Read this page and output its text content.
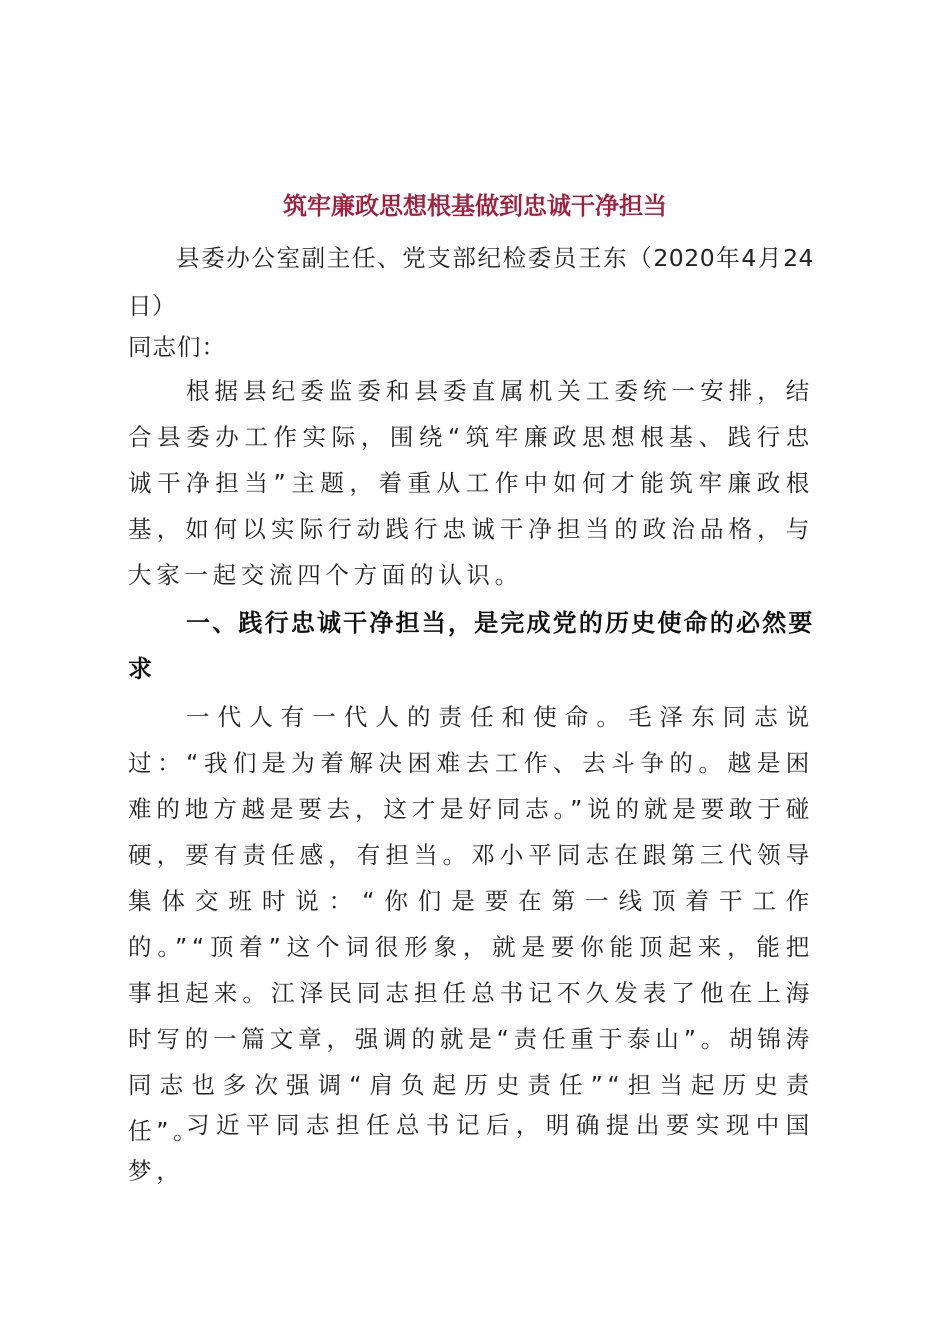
筑牢廉政思想根基做到忠诚干净担当
县委办公室副主任、党支部纪检委员王东（2020年4月24日）
同志们：
根据县纪委监委和县委直属机关工委统一安排，结合县委办工作实际，围绕“筑牢廉政思想根基、践行忠诚干净担当”主题，着重从工作中如何才能筑牢廉政根基，如何以实际行动践行忠诚干净担当的政治品格，与大家一起交流四个方面的认识。
一、践行忠诚干净担当，是完成党的历史使命的必然要求
一代人有一代人的责任和使命。毛泽东同志说过：“我们是为着解决困难去工作、去斗争的。越是困难的地方越是要去，这才是好同志。”说的就是要敢于碰硬，要有责任感，有担当。邓小平同志在跟第三代领导集体交班时说：“你们是要在第一线顶着干工作的。”“顶着”这个词很形象，就是要你能顶起来，能把事担起来。江泽民同志担任总书记不久发表了他在上海时写的一篇文章，强调的就是“责任重于泰山”。胡锦涛同志也多次强调“肩负起历史责任”“担当起历史责任”。
习近平同志担任总书记后，明确提出要实现中国梦，
